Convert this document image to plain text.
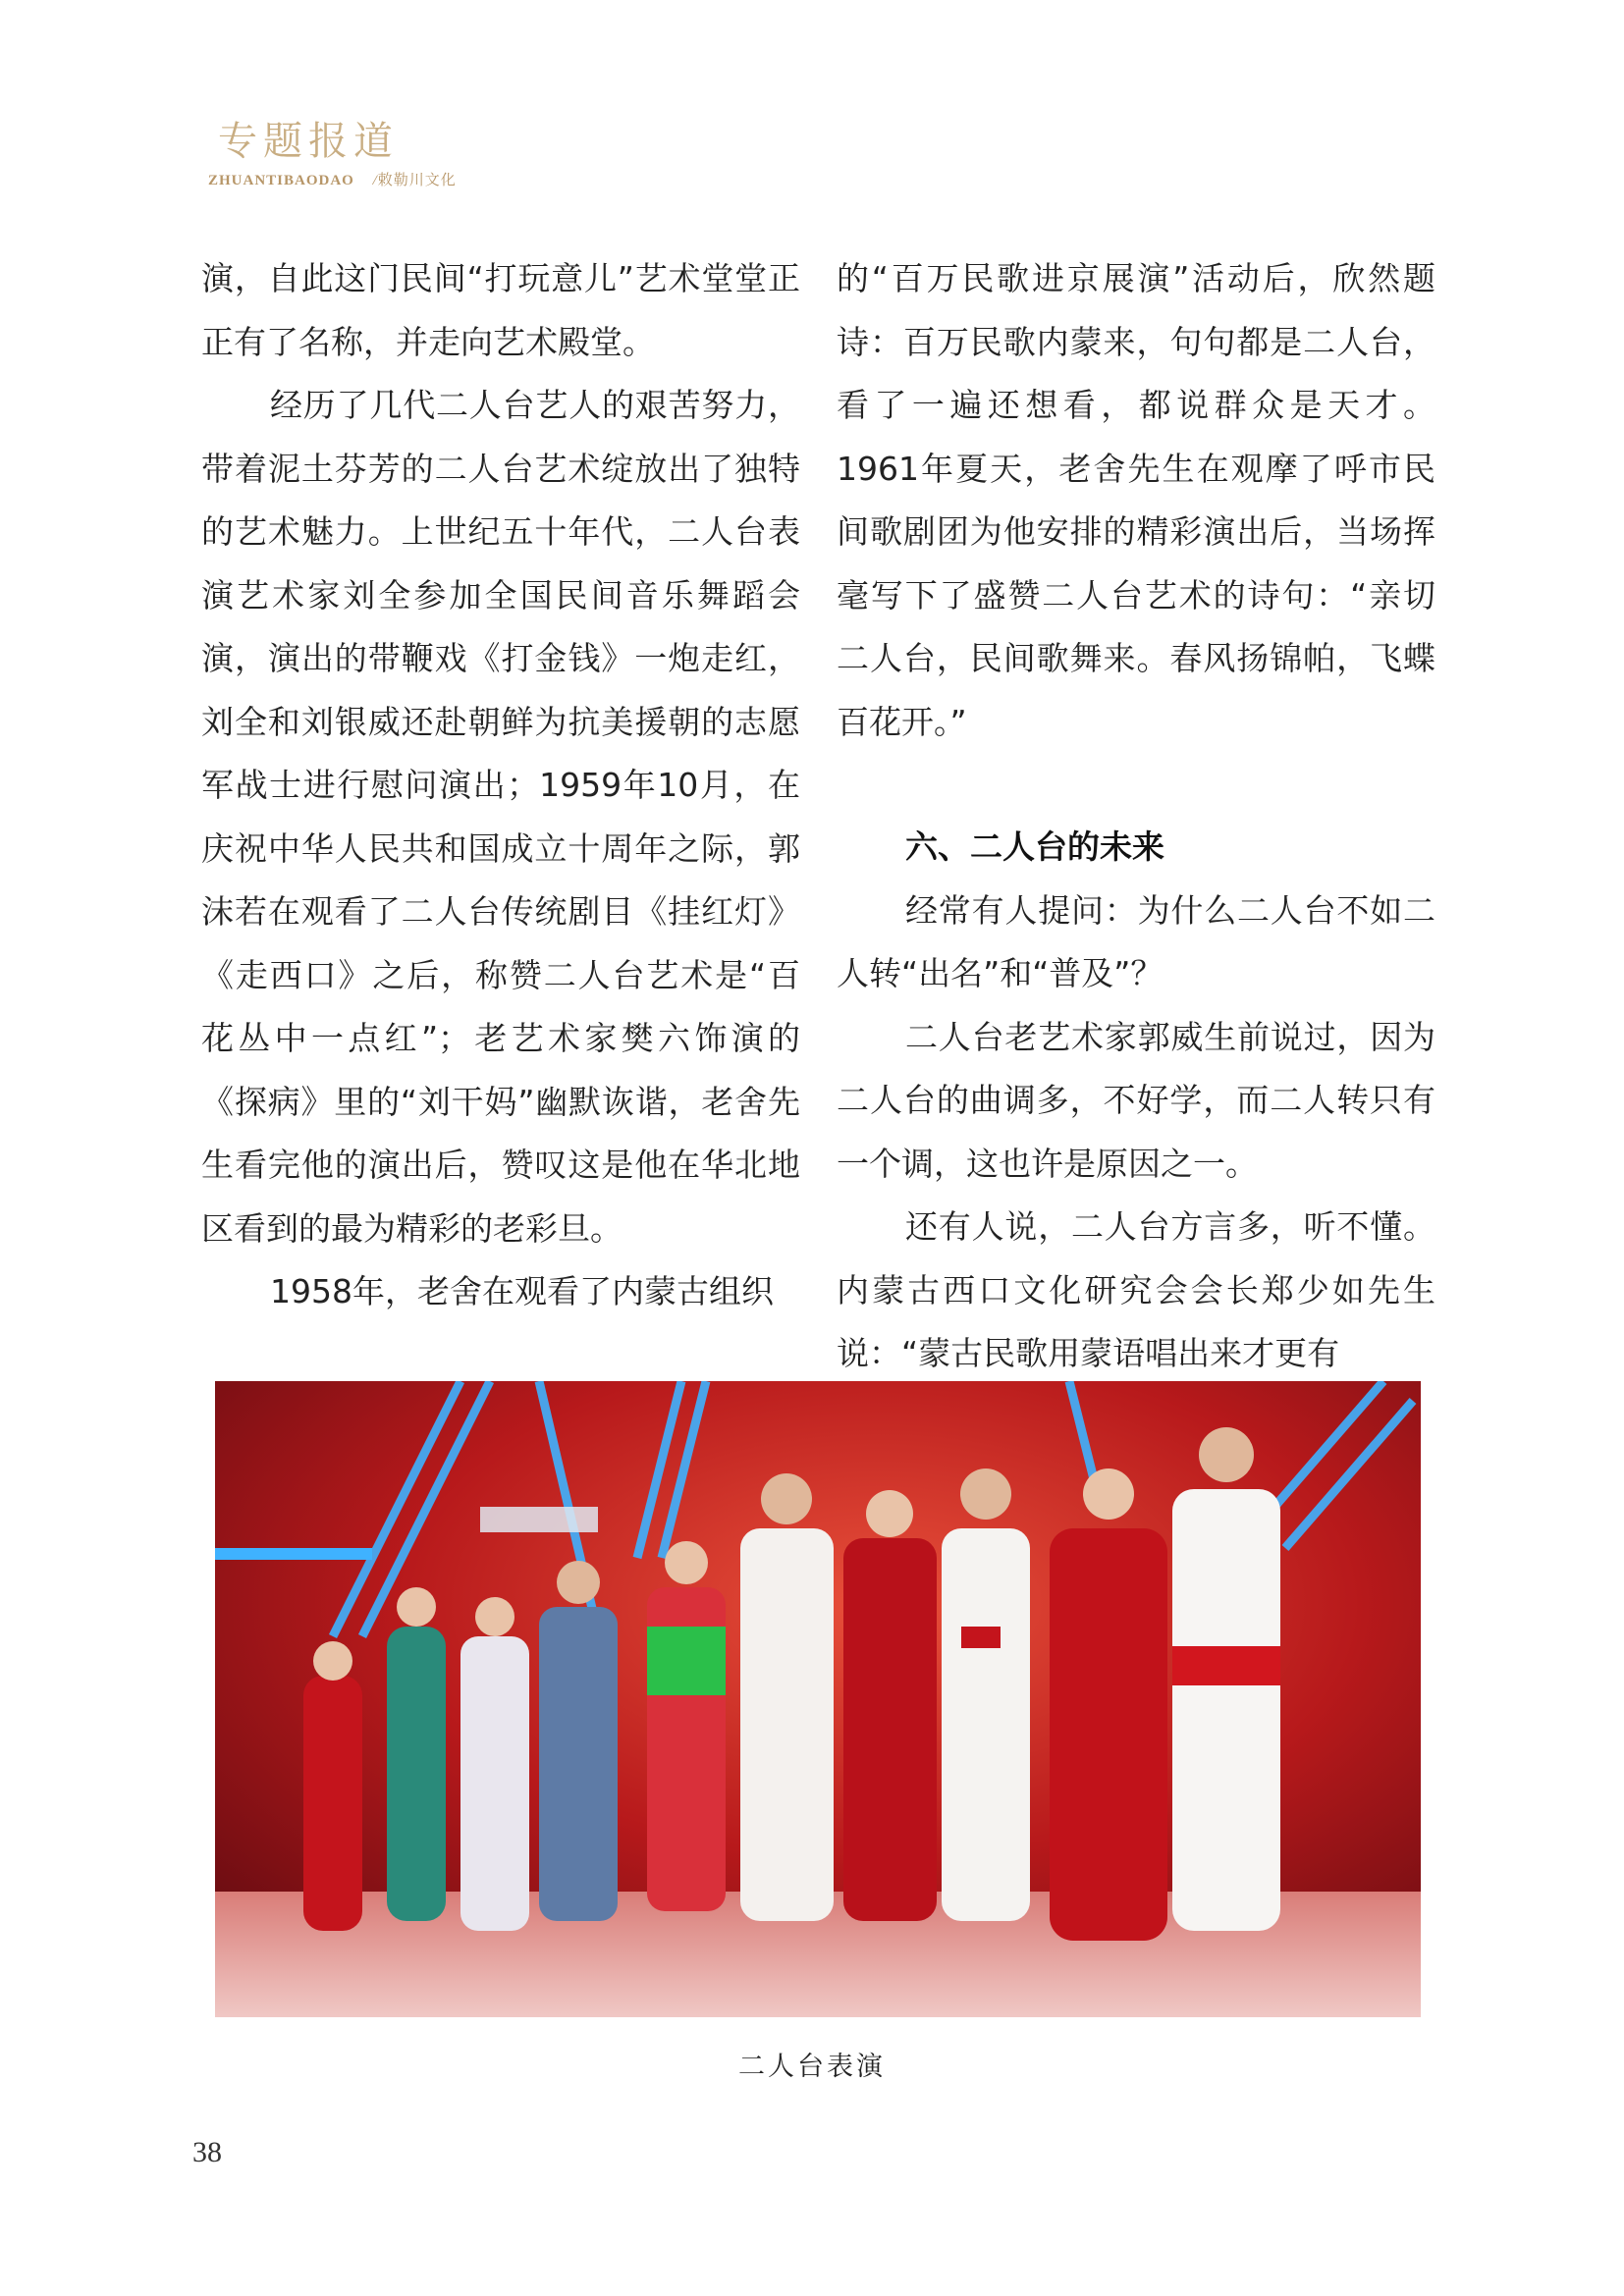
专题报道
ZHUANTIBAODAO /敕勒川文化

演，自此这门民间“打玩意儿”艺术堂堂正正有了名称，并走向艺术殿堂。

经历了几代二人台艺人的艰苦努力，带着泥土芬芳的二人台艺术绽放出了独特的艺术魅力。上世纪五十年代，二人台表演艺术家刘全参加全国民间音乐舞蹈会演，演出的带鞭戏《打金钱》一炮走红，刘全和刘银威还赴朝鲜为抗美援朝的志愿军战士进行慰问演出；1959年10月，在庆祝中华人民共和国成立十周年之际，郭沫若在观看了二人台传统剧目《挂红灯》《走西口》之后，称赞二人台艺术是“百花丛中一点红”；老艺术家樊六饰演的《探病》里的“刘干妈”幽默诙谐，老舍先生看完他的演出后，赞叹这是他在华北地区看到的最为精彩的老彩旦。

1958年，老舍在观看了内蒙古组织

的“百万民歌进京展演”活动后，欣然题诗：百万民歌内蒙来，句句都是二人台，看了一遍还想看，都说群众是天才。1961年夏天，老舍先生在观摩了呼市民间歌剧团为他安排的精彩演出后，当场挥毫写下了盛赞二人台艺术的诗句：“亲切二人台，民间歌舞来。春风扬锦帕，飞蝶百花开。”

六、二人台的未来

经常有人提问：为什么二人台不如二人转“出名”和“普及”？

二人台老艺术家郭威生前说过，因为二人台的曲调多，不好学，而二人转只有一个调，这也许是原因之一。

还有人说，二人台方言多，听不懂。内蒙古西口文化研究会会长郑少如先生说：“蒙古民歌用蒙语唱出来才更有

二人台表演
38
